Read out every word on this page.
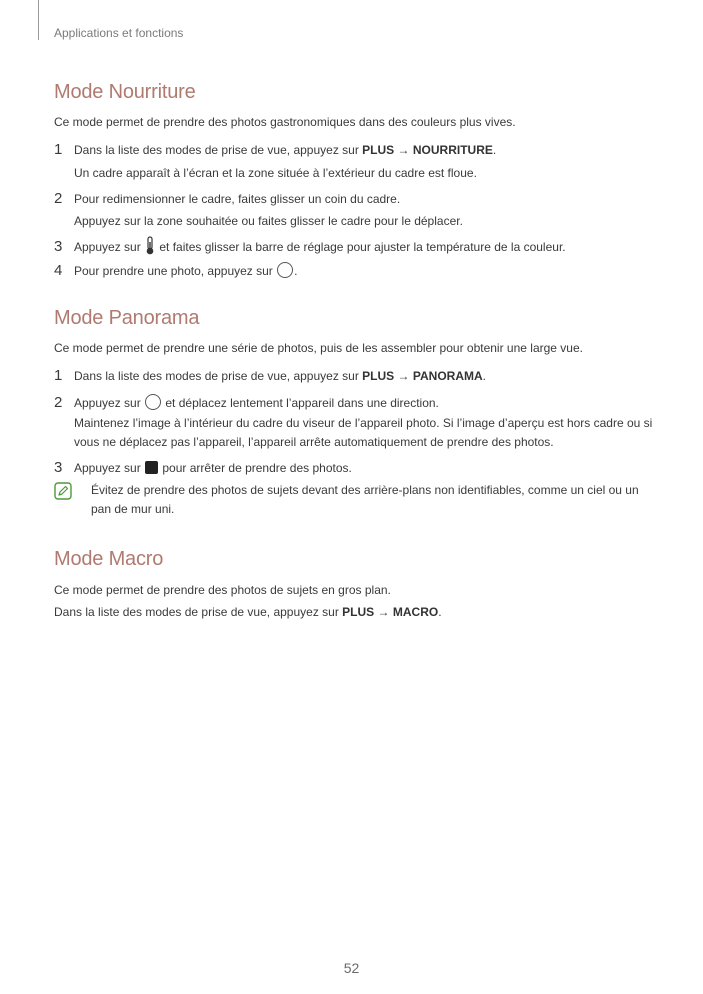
Applications et fonctions
Mode Nourriture

Ce mode permet de prendre des photos gastronomiques dans des couleurs plus vives.

1 Dans la liste des modes de prise de vue, appuyez sur PLUS → NOURRITURE.
Un cadre apparaît à l’écran et la zone située à l’extérieur du cadre est floue.
2 Pour redimensionner le cadre, faites glisser un coin du cadre.
Appuyez sur la zone souhaitée ou faites glisser le cadre pour le déplacer.
3 Appuyez sur  et faites glisser la barre de réglage pour ajuster la température de la couleur.
4 Pour prendre une photo, appuyez sur .
Mode Panorama

Ce mode permet de prendre une série de photos, puis de les assembler pour obtenir une large vue.

1 Dans la liste des modes de prise de vue, appuyez sur PLUS → PANORAMA.
2 Appuyez sur  et déplacez lentement l’appareil dans une direction.
Maintenez l’image à l’intérieur du cadre du viseur de l’appareil photo. Si l’image d’aperçu est hors cadre ou si vous ne déplacez pas l’appareil, l’appareil arrête automatiquement de prendre des photos.
3 Appuyez sur  pour arrêter de prendre des photos.
Évitez de prendre des photos de sujets devant des arrière-plans non identifiables, comme un ciel ou un pan de mur uni.
Mode Macro

Ce mode permet de prendre des photos de sujets en gros plan.

Dans la liste des modes de prise de vue, appuyez sur PLUS → MACRO.

52
